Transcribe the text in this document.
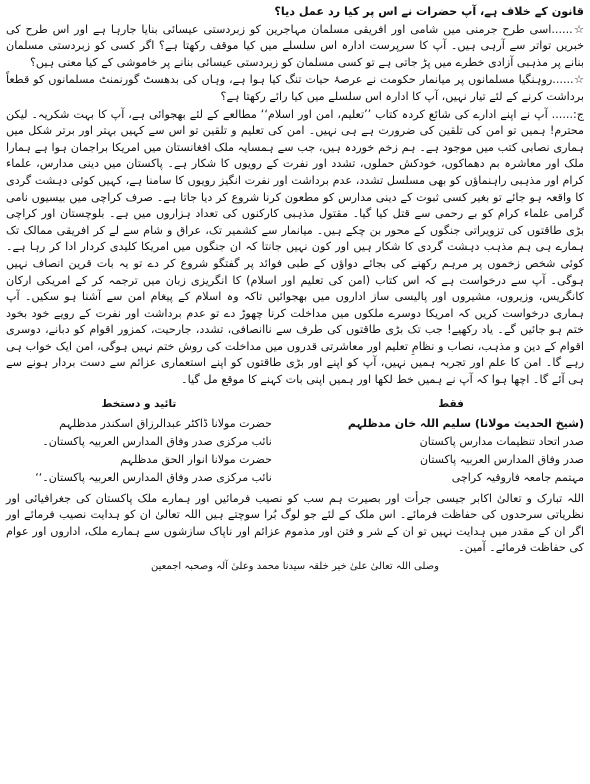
قانون کے خلاف ہے، آپ حضرات نے اس پر کیا رد عمل دیا؟

☆......اسی طرح جرمنی میں شامی اور افریقی مسلمان مہاجرین کو زبردستی عیسائی بنایا جارہا ہے اور اس طرح کی خبریں تواتر سے آرہی ہیں۔ آپ کا سرپرست ادارہ اس سلسلے میں کیا موقف رکھتا ہے؟ اگر کسی کو زبردستی مسلمان بنانے پر مذہبی آزادی خطرے میں پڑ جاتی ہے تو کسی مسلمان کو زبردستی عیسائی بنانے پر خاموشی کے کیا معنی ہیں؟

☆......روہنگیا مسلمانوں پر میانمار حکومت نے عرصۂ حیات تنگ کیا ہوا ہے، وہاں کی بدھسٹ گورنمنٹ مسلمانوں کو قطعاً برداشت کرنے کے لئے تیار نہیں، آپ کا ادارہ اس سلسلے میں کیا رائے رکھتا ہے؟

ج:...... آپ نے اپنے ادارے کی شائع کردہ کتاب ’’تعلیم، امن اور اسلام‘‘ مطالعے کے لئے بھجوائی ہے، آپ کا بہت شکریہ۔ لیکن محترم! ہمیں تو امن کی تلقین کی ضرورت ہے ہی نہیں۔ امن کی تعلیم و تلقین تو اس سے کہیں بہتر اور برتر شکل میں ہماری نصابی کتب میں موجود ہے۔ ہم زخم خوردہ ہیں، جب سے ہمسایہ ملک افغانستان میں امریکا براجمان ہوا ہے ہمارا ملک اور معاشرہ بم دھماکوں، خودکش حملوں، تشدد اور نفرت کے رویوں کا شکار ہے۔ پاکستان میں دینی مدارس، علماء کرام اور مذہبی راہنماؤں کو بھی مسلسل تشدد، عدم برداشت اور نفرت انگیز رویوں کا سامنا ہے، کہیں کوئی دہشت گردی کا واقعہ ہو جائے تو بغیر کسی ثبوت کے دینی مدارس کو مطعون کرنا شروع کر دیا جاتا ہے۔ صرف کراچی میں بیسیوں نامی گرامی علماء کرام کو بے رحمی سے قتل کیا گیا۔ مقتول مذہبی کارکنوں کی تعداد ہزاروں میں ہے۔ بلوچستان اور کراچی بڑی طاقتوں کی تزویراتی جنگوں کے محور بن چکے ہیں۔ میانمار سے کشمیر تک، عراق و شام سے لے کر افریقی ممالک تک ہمارے ہی ہم مذہب دہشت گردی کا شکار ہیں اور کون نہیں جانتا کہ ان جنگوں میں امریکا کلیدی کردار ادا کر رہا ہے۔ کوئی شخص زخموں پر مرہم رکھنے کی بجائے دواؤں کے طبی فوائد پر گفتگو شروع کر دے تو یہ بات قرین انصاف نہیں ہوگی۔ آپ سے درخواست ہے کہ اس کتاب (امن کی تعلیم اور اسلام) کا انگریزی زبان میں ترجمہ کر کے امریکی ارکان کانگریس، وزیروں، مشیروں اور پالیسی ساز اداروں میں بھجوائیں تاکہ وہ اسلام کے پیغام امن سے آشنا ہو سکیں۔ آپ ہماری درخواست کریں کہ امریکا دوسرے ملکوں میں مداخلت کرنا چھوڑ دے تو عدم برداشت اور نفرت کے رویے خود بخود ختم ہو جائیں گے۔ یاد رکھیے! جب تک بڑی طاقتوں کی طرف سے ناانصافی، تشدد، جارحیت، کمزور اقوام کو دبانے، دوسری اقوام کے دین و مذہب، نصاب و نظامِ تعلیم اور معاشرتی قدروں میں مداخلت کی روش ختم نہیں ہوگی، امن ایک خواب ہی رہے گا۔ امن کا علم اور تجربہ ہمیں نہیں، آپ کو اپنے اور بڑی طاقتوں کو اپنے استعماری عزائم سے دست بردار ہونے سے ہی آئے گا۔ اچھا ہوا کہ آپ نے ہمیں خط لکھا اور ہمیں اپنی بات کہنے کا موقع مل گیا۔

فقط
(شیخ الحدیث مولانا) سلیم اللہ خان مدظلہم
صدر اتحاد تنظیمات مدارس پاکستان
صدر وفاق المدارس العربیہ پاکستان
مہتمم جامعہ فاروقیہ کراچی
تائید و دستخط
حضرت مولانا ڈاکٹر عبدالرزاق اسکندر مدظلہم
نائب مرکزی صدر وفاق المدارس العربیہ پاکستان۔
حضرت مولانا انوار الحق مدظلہم
نائب مرکزی صدر وفاق المدارس العربیہ پاکستان۔‘‘

اللہ تبارک و تعالیٰ اکابر جیسی جرأت اور بصیرت ہم سب کو نصیب فرمائیں اور ہمارے ملک پاکستان کی جغرافیائی اور نظریاتی سرحدوں کی حفاظت فرمائے۔ اس ملک کے لئے جو لوگ بُرا سوچتے ہیں اللہ تعالیٰ ان کو ہدایت نصیب فرمائے اور اگر ان کے مقدر میں ہدایت نہیں تو ان کے شر و فتن اور مذموم عزائم اور ناپاک سازشوں سے ہمارے ملک، اداروں اور عوام کی حفاظت فرمائے۔ آمین۔

وصلی اللہ تعالیٰ علیٰ خیر خلقہ سیدنا محمد وعلیٰ آلہ وصحبہ اجمعین
